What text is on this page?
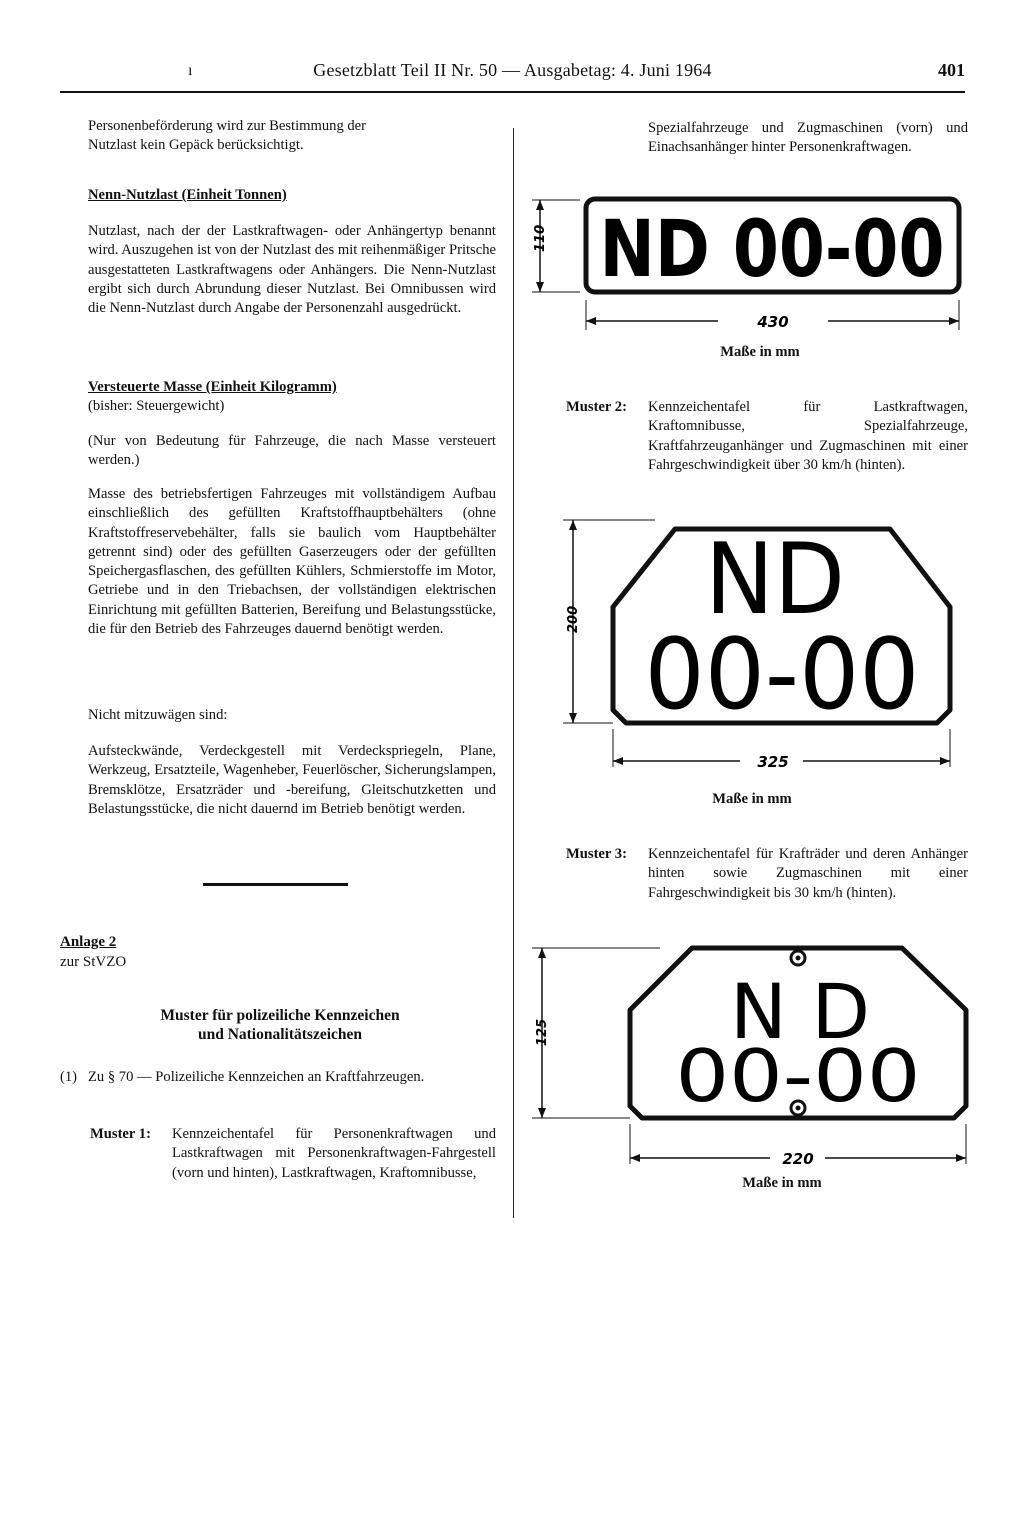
ı	Gesetzblatt Teil II Nr. 50 — Ausgabetag: 4. Juni 1964	401

Personenbeförderung wird zur Bestimmung der

Nutzlast kein Gepäck berücksichtigt.

Nenn-Nutzlast (Einheit Tonnen)
Nutzlast, nach der der Lastkraftwagen- oder Anhängertyp benannt wird. Auszugehen ist von der Nutzlast des mit reihenmäßiger Pritsche ausgestatteten Lastkraftwagens oder Anhängers. Die Nenn-Nutzlast ergibt sich durch Abrundung dieser Nutzlast. Bei Omnibussen wird die Nenn-Nutzlast durch Angabe der Personenzahl ausgedrückt.
Versteuerte Masse (Einheit Kilogramm)
(bisher: Steuergewicht)
(Nur von Bedeutung für Fahrzeuge, die nach Masse versteuert werden.)
Masse des betriebsfertigen Fahrzeuges mit vollständigem Aufbau einschließlich des gefüllten Kraftstoffhauptbehälters (ohne Kraftstoffreservebehälter, falls sie baulich vom Hauptbehälter getrennt sind) oder des gefüllten Gaserzeugers oder der gefüllten Speichergasflaschen, des gefüllten Kühlers, Schmierstoffe im Motor, Getriebe und in den Triebachsen, der vollständigen elektrischen Einrichtung mit gefüllten Batterien, Bereifung und Belastungsstücke, die für den Betrieb des Fahrzeuges dauernd benötigt werden.
Nicht mitzuwägen sind:
Aufsteckwände, Verdeckgestell mit Verdeckspriegeln, Plane, Werkzeug, Ersatzteile, Wagenheber, Feuerlöscher, Sicherungslampen, Bremsklötze, Ersatzräder und -bereifung, Gleitschutzketten und Belastungsstücke, die nicht dauernd im Betrieb benötigt werden.
Anlage 2
zur StVZO
Muster für polizeiliche Kennzeichen
und Nationalitätszeichen
(1) Zu § 70 — Polizeiliche Kennzeichen an Kraftfahrzeugen.
Muster 1: Kennzeichentafel für Personenkraftwagen und Lastkraftwagen mit Personenkraftwagen-Fahrgestell (vorn und hinten), Lastkraftwagen, Kraftomnibusse,
Spezialfahrzeuge und Zugmaschinen (vorn) und Einachsanhänger hinter Personenkraftwagen.
110 ND 00-00
430
Maße in mm
Muster 2: Kennzeichentafel für Lastkraftwagen, Kraftomnibusse, Spezialfahrzeuge, Kraftfahrzeuganhänger und Zugmaschinen mit einer Fahrgeschwindigkeit über 30 km/h (hinten).
200 ND
00-00
325
Maße in mm
Muster 3: Kennzeichentafel für Krafträder und deren Anhänger hinten sowie Zugmaschinen mit einer Fahrgeschwindigkeit bis 30 km/h (hinten).
125 N D
00-00
220
Maße in mm
